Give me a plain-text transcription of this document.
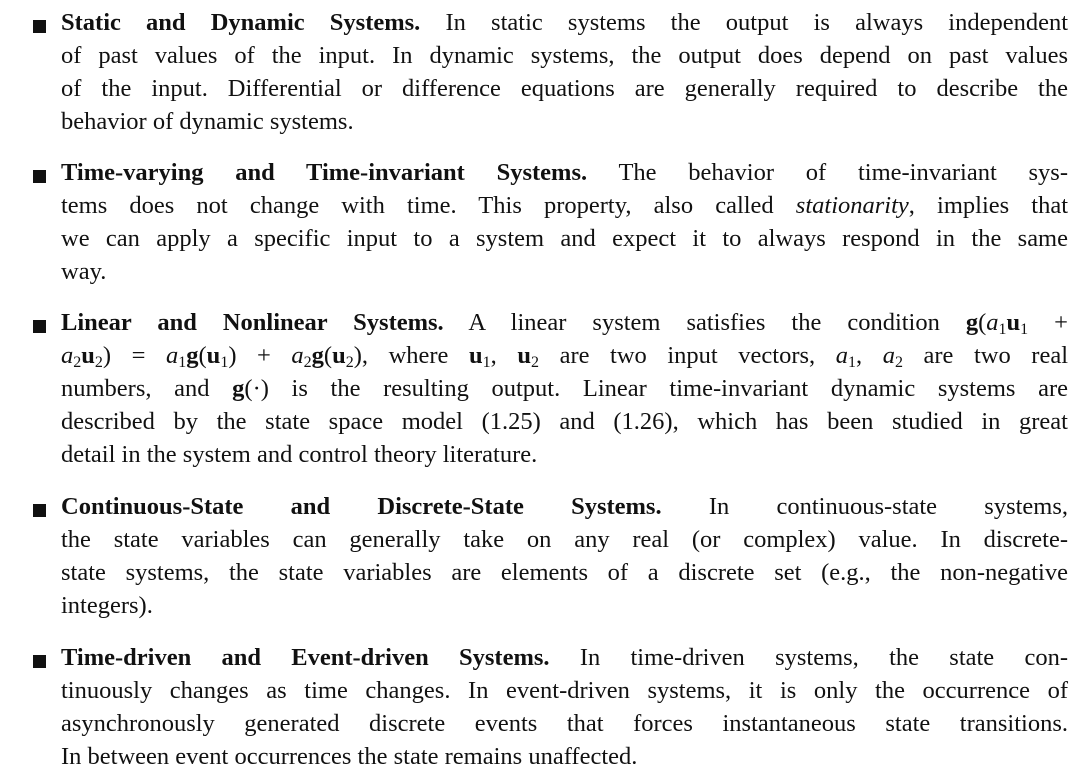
Static and Dynamic Systems. In static systems the output is always independent
of past values of the input. In dynamic systems, the output does depend on past values
of the input. Differential or difference equations are generally required to describe the
behavior of dynamic systems.
Time-varying and Time-invariant Systems. The behavior of time-invariant sys-
tems does not change with time. This property, also called stationarity, implies that
we can apply a specific input to a system and expect it to always respond in the same
way.
Linear and Nonlinear Systems. A linear system satisfies the condition $g(a_1u_1$ +
$a_2u_2) = a_1g(u_1) + a_2g(u_2)$, where $u_1$, $u_2$ are two input vectors, $a_1$, $a_2$ are two real
numbers, and g(·) is the resulting output. Linear time-invariant dynamic systems are
described by the state space model (1.25) and (1.26), which has been studied in great
detail in the system and control theory literature.
Continuous-State and Discrete-State Systems. In continuous-state systems,
the state variables can generally take on any real (or complex) value. In discrete-
state systems, the state variables are elements of a discrete set (e.g., the non-negative
integers).
Time-driven and Event-driven Systems. In time-driven systems, the state con-
tinuously changes as time changes. In event-driven systems, it is only the occurrence of
asynchronously generated discrete events that forces instantaneous state transitions.
In between event occurrences the state remains unaffected.
